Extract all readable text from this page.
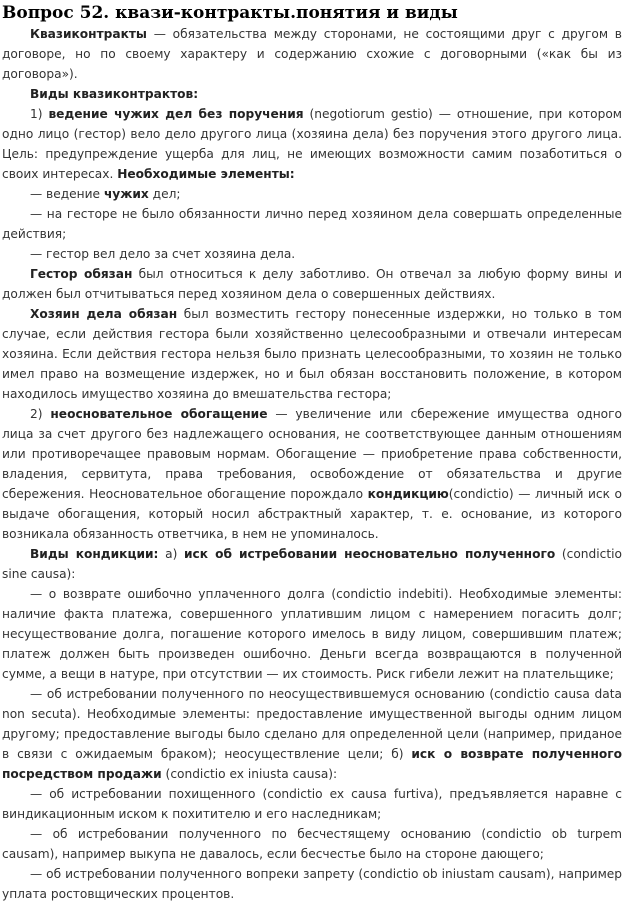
Вопрос 52. квази-контракты.понятия и виды

Квазиконтракты — обязательства между сторонами, не состоящими друг с другом в договоре, но по своему характеру и содержанию схожие с договорными («как бы из договора»).

Виды квазиконтрактов:

1) ведение чужих дел без поручения (negotiorum gestio) — отношение, при котором одно лицо (гестор) вело дело другого лица (хозяина дела) без поручения этого другого лица. Цель: предупреждение ущерба для лиц, не имеющих возможности самим позаботиться о своих интересах. Необходимые элементы:

— ведение чужих дел;

— на гесторе не было обязанности лично перед хозяином дела совершать определенные действия;

— гестор вел дело за счет хозяина дела.

Гестор обязан был относиться к делу заботливо. Он отвечал за любую форму вины и должен был отчитываться перед хозяином дела о совершенных действиях.

Хозяин дела обязан был возместить гестору понесенные издержки, но только в том случае, если действия гестора были хозяйственно целесообразными и отвечали интересам хозяина. Если действия гестора нельзя было признать целесообразными, то хозяин не только имел право на возмещение издержек, но и был обязан восстановить положение, в котором находилось имущество хозяина до вмешательства гестора;

2) неосновательное обогащение — увеличение или сбережение имущества одного лица за счет другого без надлежащего основания, не соответствующее данным отношениям или противоречащее правовым нормам. Обогащение — приобретение права собственности, владения, сервитута, права требования, освобождение от обязательства и другие сбережения. Неосновательное обогащение порождало кондикцию(condictio) — личный иск о выдаче обогащения, который носил абстрактный характер, т. е. основание, из которого возникала обязанность ответчика, в нем не упоминалось.

Виды кондикции: а) иск об истребовании неосновательно полученного (condictio sine causa):

— о возврате ошибочно уплаченного долга (condictio indebiti). Необходимые элементы: наличие факта платежа, совершенного уплатившим лицом с намерением погасить долг; несуществование долга, погашение которого имелось в виду лицом, совершившим платеж; платеж должен быть произведен ошибочно. Деньги всегда возвращаются в полученной сумме, а вещи в натуре, при отсутствии — их стоимость. Риск гибели лежит на плательщике;

— об истребовании полученного по неосуществившемуся основанию (condictio causa data non secuta). Необходимые элементы: предоставление имущественной выгоды одним лицом другому; предоставление выгоды было сделано для определенной цели (например, приданое в связи с ожидаемым браком); неосуществление цели; б) иск о возврате полученного посредством продажи (condictio ex iniusta causa):

— об истребовании похищенного (condictio ex causa furtiva), предъявляется наравне с виндикационным иском к похитителю и его наследникам;

— об истребовании полученного по бесчестящему основанию (condictio ob turpem causam), например выкупа не давалось, если бесчестье было на стороне дающего;

— об истребовании полученного вопреки запрету (condictio ob iniustam causam), например уплата ростовщических процентов.
